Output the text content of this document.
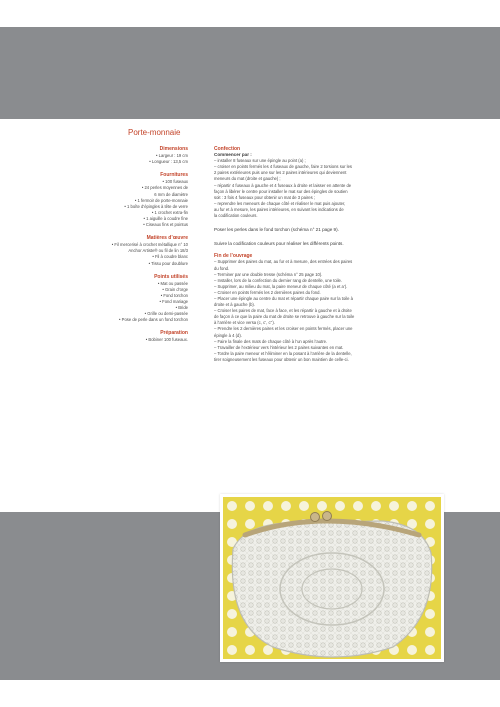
Porte-monnaie
Dimensions
• Largeur : 19 cm
• Longueur : 13,5 cm
Fournitures
• 100 fuseaux
• 24 perles moyennes de
6 mm de diamètre
• 1 fermoir de porte-monnaie
• 1 boîte d’épingles à tête de verre
• 1 crochet extra-fin
• 1 aiguille à coudre fine
• Ciseaux fins et pointus
Matières d’œuvre
• Fil mercerisé à crochet métallique n° 10
Anchor Artiste® ou fil de lin 18/3
• Fil à coudre blanc
• Tissu pour doublure
Points utilisés
• Mat ou passée
• Grain d’orge
• Fond torchon
• Fond mariage
• Bride
• Grille ou demi-passée
• Pose de perle dans un fond torchon
Préparation
• Bobiner 100 fuseaux.
Confection
Commencer par :
– installer 8 fuseaux sur une épingle au point (a) ;
– croiser en points fermés les 4 fuseaux de gauche, faire 2 torsions sur les
2 paires extérieures puis une sur les 2 paires intérieures qui deviennent
meneurs du mat (droite et gauche) ;
– répartir 4 fuseaux à gauche et 4 fuseaux à droite et laisser en attente de
façon à libérer le centre pour installer le mat sur des épingles de soutien
soit : 3 fois 4 fuseaux pour obtenir un mat de 3 paires ;
– reprendre les meneurs de chaque côté et réaliser le mat puis ajouter,
au fur et à mesure, les paires intérieures, en suivant les indications de
la codification couleurs.
Poser les perles dans le fond torchon (schéma n° 21 page 9).
Suivre la codification couleurs pour réaliser les différents points.
Fin de l’ouvrage
– Supprimer des paires du mat, au fur et à mesure, des entrées des paires
du fond.
– Terminer par une double tresse (schéma n° 25 page 10).
– Installer, lors de la confection du dernier rang de dentelle, une toile.
– Supprimer, au milieu du mat, la paire meneur de chaque côté (a et a’).
– Croiser en points fermés les 2 dernières paires du fond.
– Placer une épingle au centre du mat et répartir chaque paire sur la toile à
droite et à gauche (b).
– Croiser les paires de mat, face à face, et les répartir à gauche et à droite
de façon à ce que la paire du mat de droite se retrouve à gauche sur la toile
à l’arrière et vice versa (c, c’, c’’).
– Prendre les 2 dernières paires et les croiser en points fermés, placer une
épingle à 4 (d).
– Faire la finale des mats de chaque côté à l’un après l’autre.
– Travailler de l’extérieur vers l’intérieur les 2 paires suivantes en mat.
– Tordre la paire meneur et l’éliminer en la posant à l’arrière de la dentelle,
tirer soigneusement les fuseaux pour obtenir un bon maintien de celle-ci.
